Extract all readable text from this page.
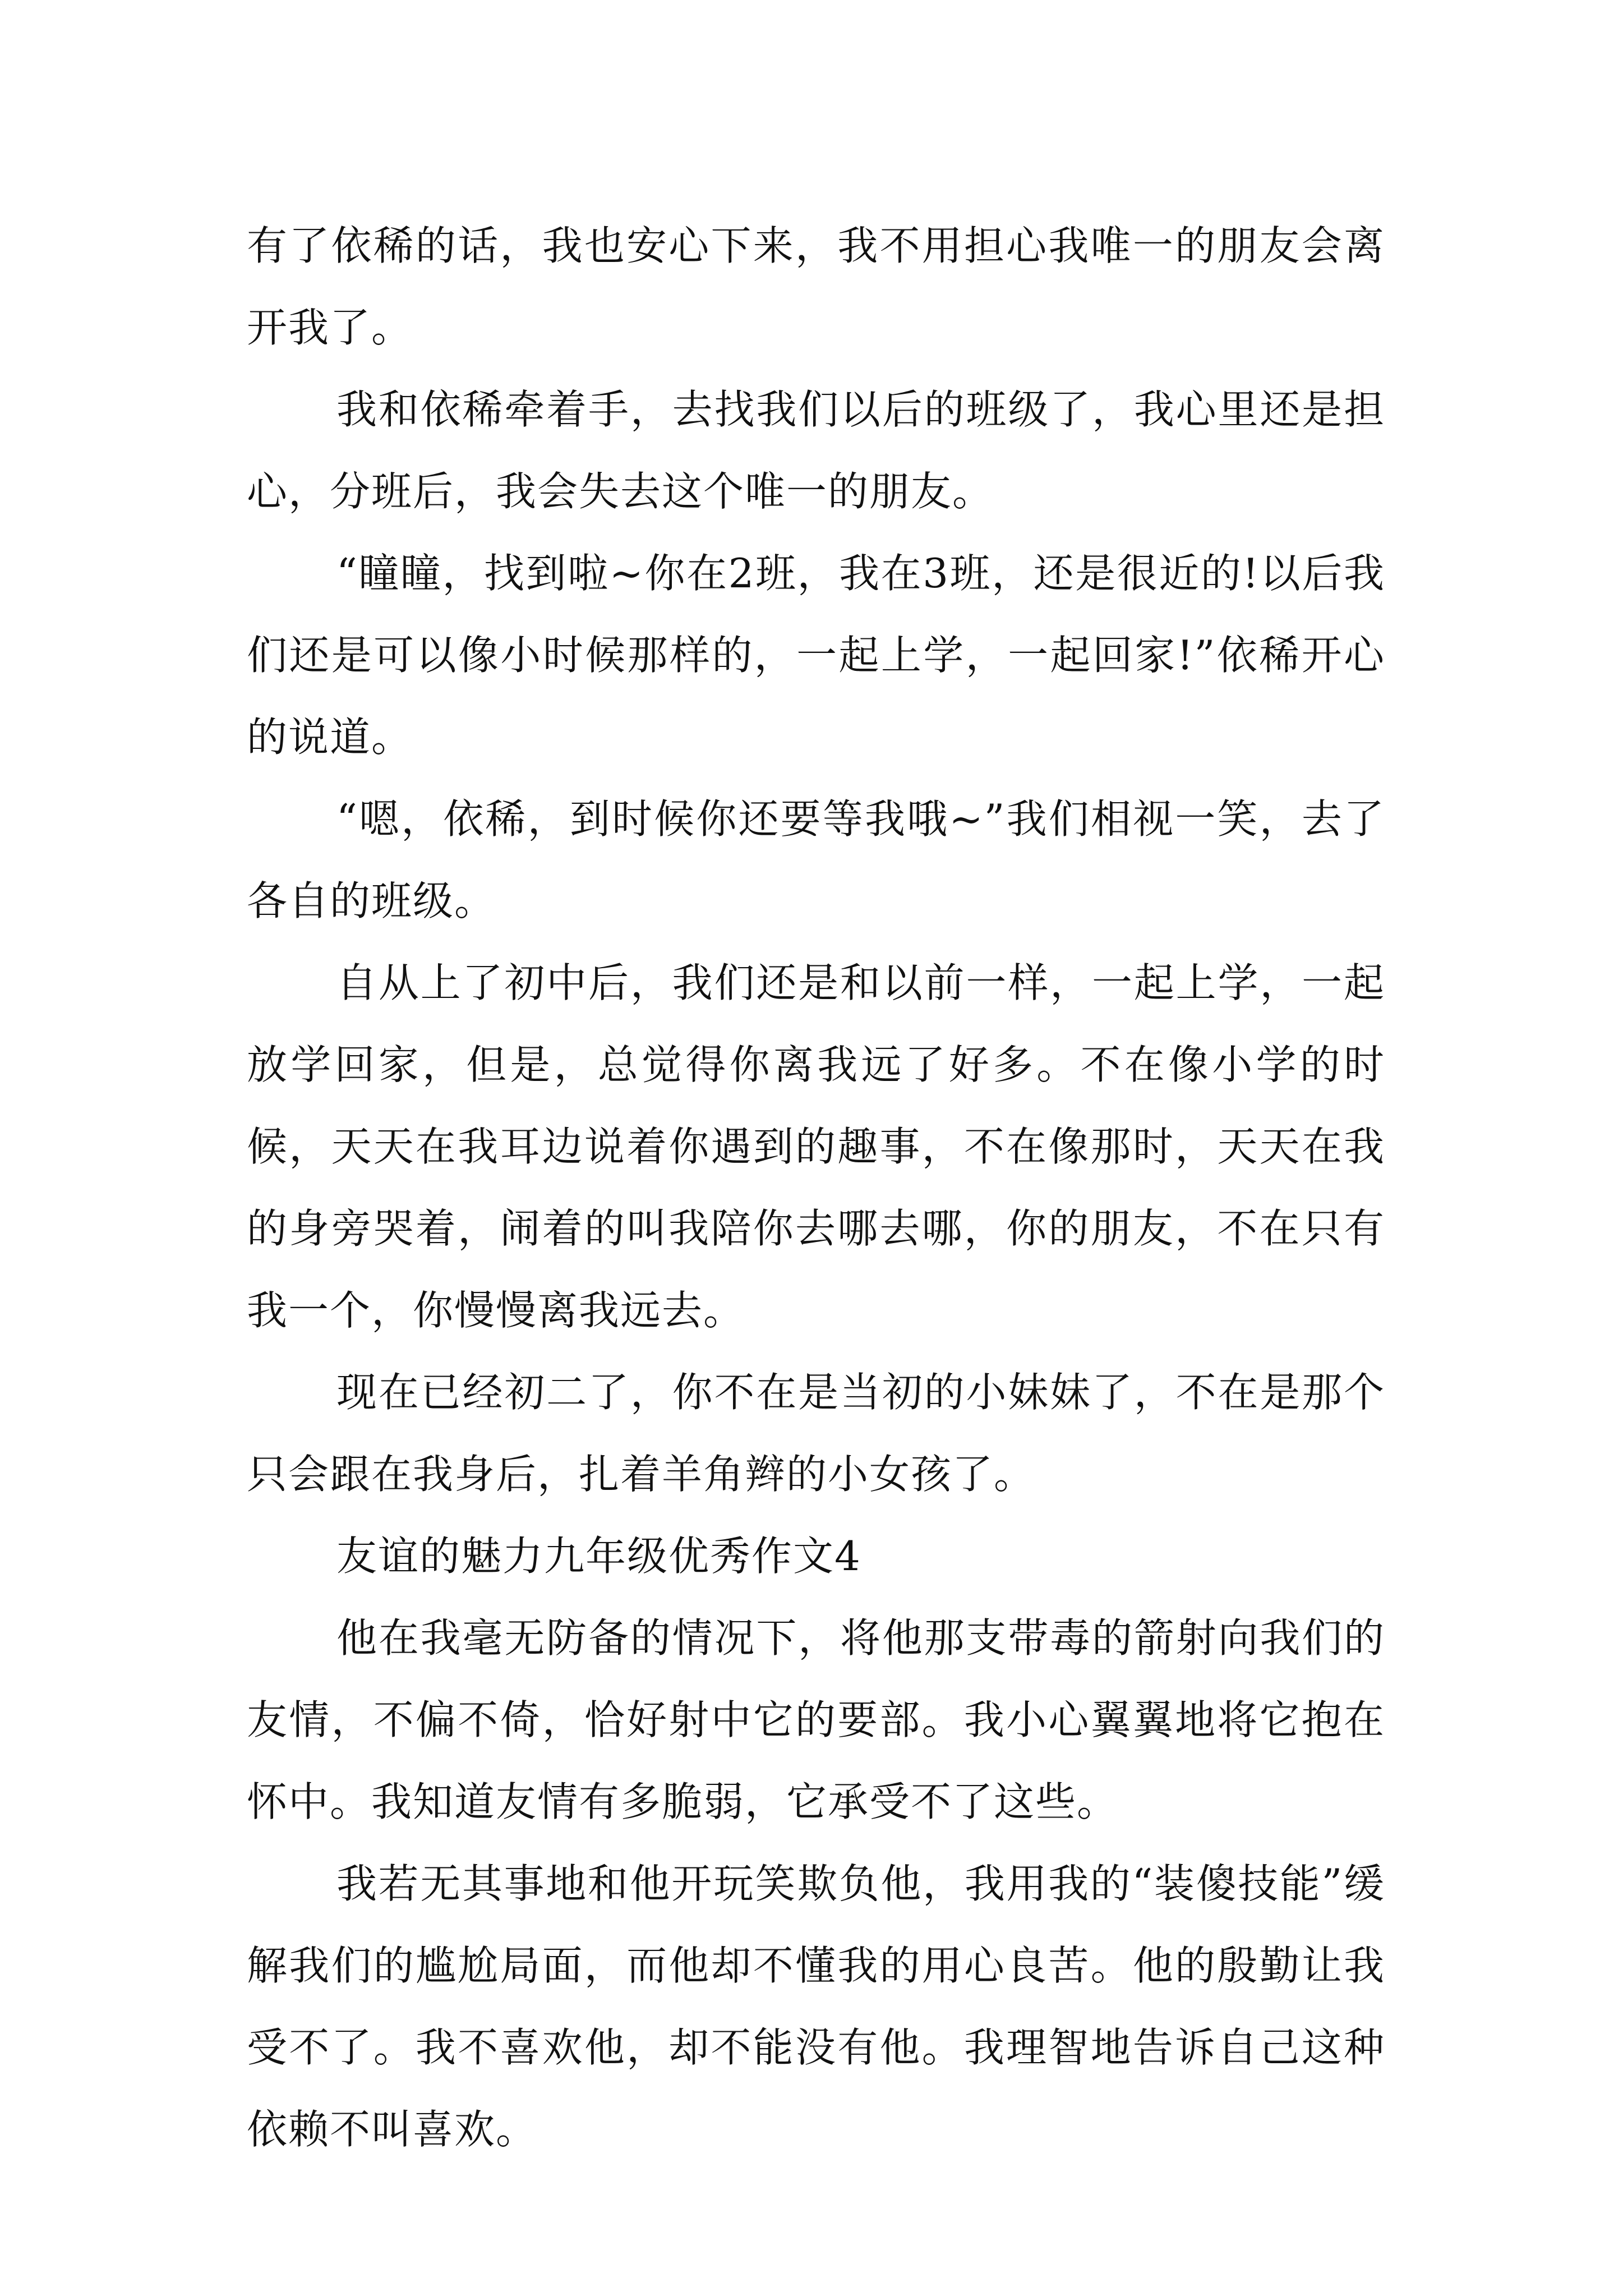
有了依稀的话，我也安心下来，我不用担心我唯一的朋友会离开我了。

我和依稀牵着手，去找我们以后的班级了，我心里还是担心，分班后，我会失去这个唯一的朋友。

“瞳瞳，找到啦~你在2班，我在3班，还是很近的!以后我们还是可以像小时候那样的，一起上学，一起回家!”依稀开心的说道。

“嗯，依稀，到时候你还要等我哦~”我们相视一笑，去了各自的班级。

自从上了初中后，我们还是和以前一样，一起上学，一起放学回家，但是，总觉得你离我远了好多。不在像小学的时候，天天在我耳边说着你遇到的趣事，不在像那时，天天在我的身旁哭着，闹着的叫我陪你去哪去哪，你的朋友，不在只有我一个，你慢慢离我远去。

现在已经初二了，你不在是当初的小妹妹了，不在是那个只会跟在我身后，扎着羊角辫的小女孩了。

友谊的魅力九年级优秀作文4

他在我毫无防备的情况下，将他那支带毒的箭射向我们的友情，不偏不倚，恰好射中它的要部。我小心翼翼地将它抱在怀中。我知道友情有多脆弱，它承受不了这些。

我若无其事地和他开玩笑欺负他，我用我的“装傻技能”缓解我们的尴尬局面，而他却不懂我的用心良苦。他的殷勤让我受不了。我不喜欢他，却不能没有他。我理智地告诉自己这种依赖不叫喜欢。
